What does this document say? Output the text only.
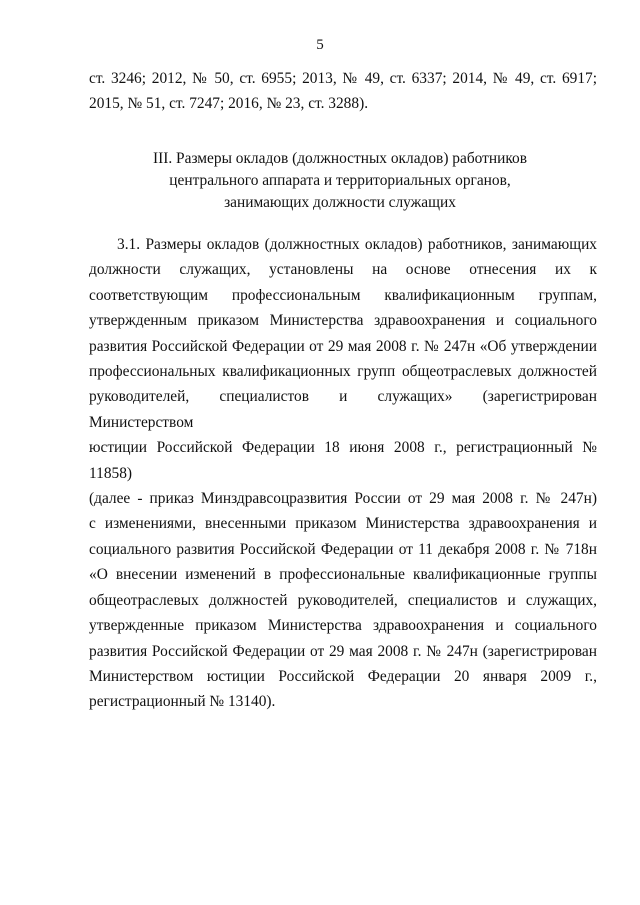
5
ст. 3246; 2012, № 50, ст. 6955; 2013, № 49, ст. 6337; 2014, № 49, ст. 6917;
2015, № 51, ст. 7247; 2016, № 23, ст. 3288).
III. Размеры окладов (должностных окладов) работников
центрального аппарата и территориальных органов,
занимающих должности служащих
3.1. Размеры окладов (должностных окладов) работников, занимающих
должности служащих, установлены на основе отнесения их к
соответствующим профессиональным квалификационным группам,
утвержденным приказом Министерства здравоохранения и социального
развития Российской Федерации от 29 мая 2008 г. № 247н «Об утверждении
профессиональных квалификационных групп общеотраслевых должностей
руководителей, специалистов и служащих» (зарегистрирован Министерством
юстиции Российской Федерации 18 июня 2008 г., регистрационный № 11858)
(далее - приказ Минздравсоцразвития России от 29 мая 2008 г. № 247н)
с изменениями, внесенными приказом Министерства здравоохранения и
социального развития Российской Федерации от 11 декабря 2008 г. № 718н
«О внесении изменений в профессиональные квалификационные группы
общеотраслевых должностей руководителей, специалистов и служащих,
утвержденные приказом Министерства здравоохранения и социального
развития Российской Федерации от 29 мая 2008 г. № 247н (зарегистрирован
Министерством юстиции Российской Федерации 20 января 2009 г.,
регистрационный № 13140).
